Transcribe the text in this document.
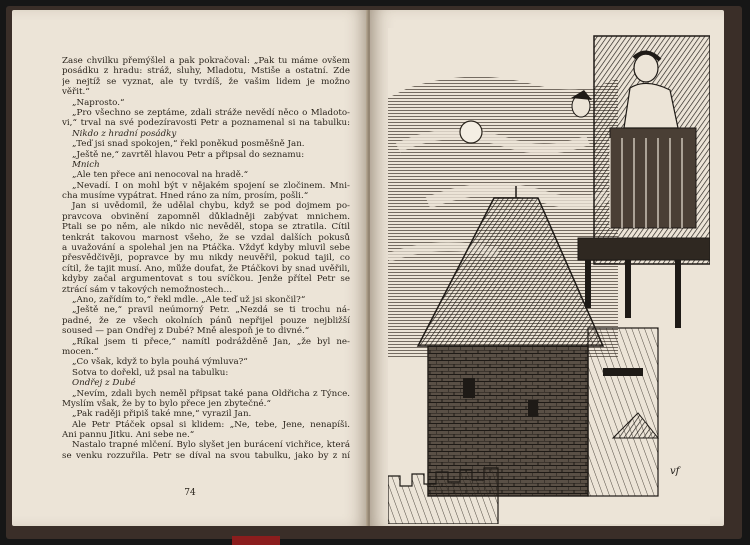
Zase chvilku přemýšlel a pak pokračoval: „Pak tu máme ovšem
posádku z hradu: stráž, sluhy, Mladotu, Mstiše a ostatní. Zde
je nejtíž se vyznat, ale ty tvrdíš, že vašim lidem je možno
věřit.“
„Naprosto.“
„Pro všechno se zeptáme, zdali stráže nevědí něco o Mladoto-
vi,“ trval na své podezíravosti Petr a poznamenal si na tabulku:
Nikdo z hradní posádky
„Teď jsi snad spokojen,“ řekl poněkud posměšně Jan.
„Ještě ne,“ zavrtěl hlavou Petr a připsal do seznamu:
Mnich
„Ale ten přece ani nenocoval na hradě.“
„Nevadí. I on mohl být v nějakém spojení se zločinem. Mni-
cha musíme vypátrat. Hned ráno za ním, prosím, pošli.“
Jan si uvědomil, že udělal chybu, když se pod dojmem po-
pravcova obvinění zapomněl důkladněji zabývat mnichem.
Ptali se po něm, ale nikdo nic nevěděl, stopa se ztratila. Cítil
tenkrát takovou marnost všeho, že se vzdal dalších pokusů
a uvažování a spolehal jen na Ptáčka. Vždyť kdyby mluvil sebe
přesvědčivěji, popravce by mu nikdy neuvěřil, pokud tajil, co
cítil, že tajit musí. Ano, může doufat, že Ptáčkovi by snad uvěřili,
kdyby začal argumentovat s tou svíčkou. Jenže přítel Petr se
ztrácí sám v takových nemožnostech…
„Ano, zařídím to,“ řekl mdle. „Ale teď už jsi skončil?“
„Ještě ne,“ pravil neúmorný Petr. „Nezdá se ti trochu ná-
padné, že ze všech okolních pánů nepřijel pouze nejbližší
soused — pan Ondřej z Dubé? Mně alespoň je to divné.“
„Říkal jsem ti přece,“ namítl podrážděně Jan, „že byl ne-
mocen.“
„Co však, když to byla pouhá výmluva?“
Sotva to dořekl, už psal na tabulku:
Ondřej z Dubé
„Nevím, zdali bych neměl připsat také pana Oldřicha z Týnce.
Myslím však, že by to bylo přece jen zbytečné.“
„Pak raději připiš také mne,“ vyrazil Jan.
Ale Petr Ptáček opsal si klidem: „Ne, tebe, Jene, nenapíši.
Ani pannu Jitku. Ani sebe ne.“
Nastalo trapné mlčení. Bylo slyšet jen burácení vichřice, která
se venku rozzuřila. Petr se díval na svou tabulku, jako by z ní
74
vf
